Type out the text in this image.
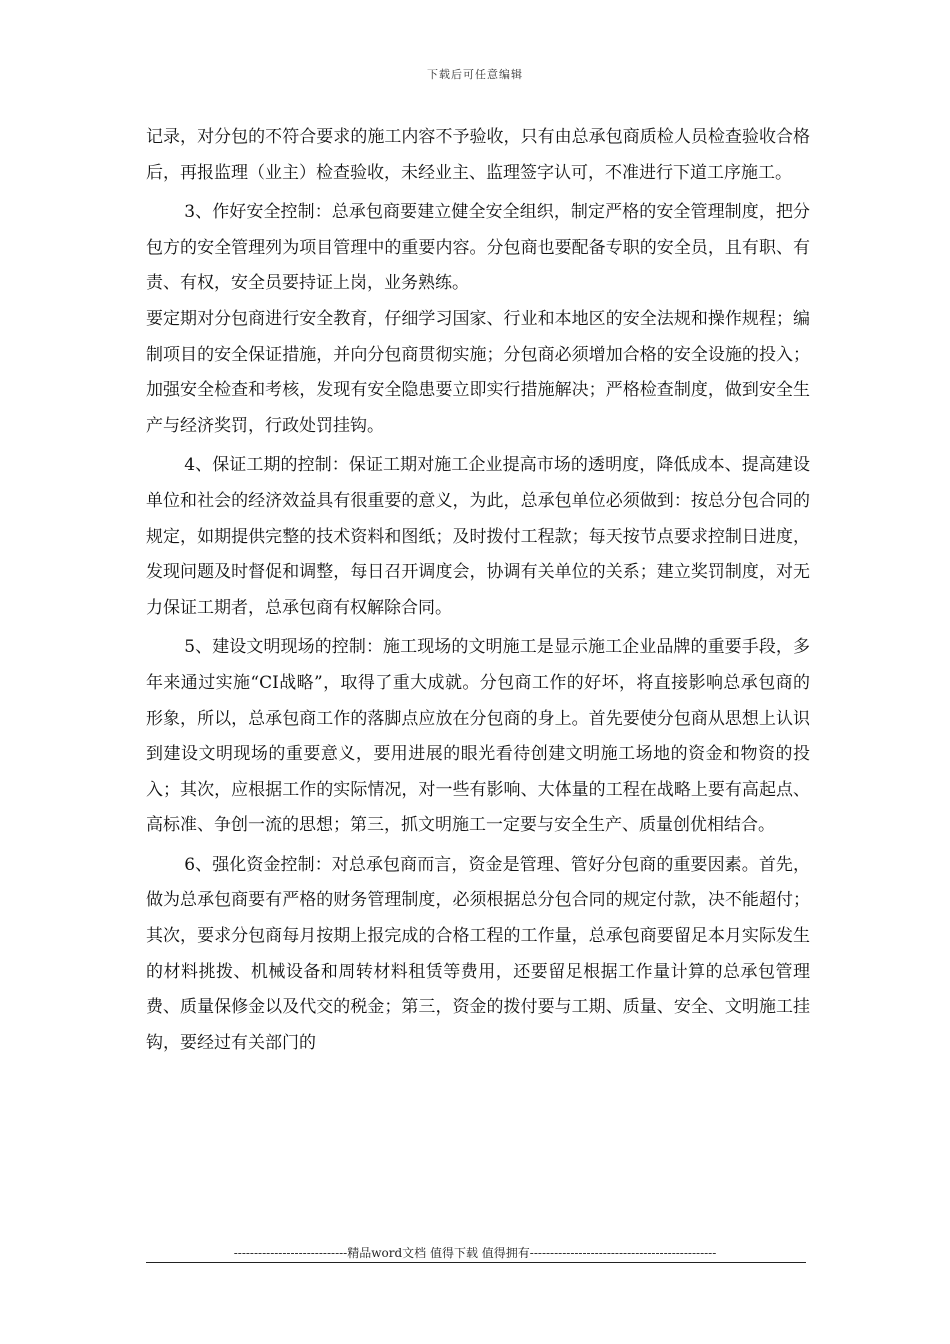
下载后可任意编辑

记录，对分包的不符合要求的施工内容不予验收，只有由总承包商质检人员检查验收合格后，再报监理（业主）检查验收，未经业主、监理签字认可，不准进行下道工序施工。

3、作好安全控制：总承包商要建立健全安全组织，制定严格的安全管理制度，把分包方的安全管理列为项目管理中的重要内容。分包商也要配备专职的安全员，且有职、有责、有权，安全员要持证上岗，业务熟练。

要定期对分包商进行安全教育，仔细学习国家、行业和本地区的安全法规和操作规程；编制项目的安全保证措施，并向分包商贯彻实施；分包商必须增加合格的安全设施的投入；加强安全检查和考核，发现有安全隐患要立即实行措施解决；严格检查制度，做到安全生产与经济奖罚，行政处罚挂钩。

4、保证工期的控制：保证工期对施工企业提高市场的透明度，降低成本、提高建设单位和社会的经济效益具有很重要的意义，为此，总承包单位必须做到：按总分包合同的规定，如期提供完整的技术资料和图纸；及时拨付工程款；每天按节点要求控制日进度，发现问题及时督促和调整，每日召开调度会，协调有关单位的关系；建立奖罚制度，对无力保证工期者，总承包商有权解除合同。

5、建设文明现场的控制：施工现场的文明施工是显示施工企业品牌的重要手段，多年来通过实施“CI战略”，取得了重大成就。分包商工作的好坏，将直接影响总承包商的形象，所以，总承包商工作的落脚点应放在分包商的身上。首先要使分包商从思想上认识到建设文明现场的重要意义，要用进展的眼光看待创建文明施工场地的资金和物资的投入；其次，应根据工作的实际情况，对一些有影响、大体量的工程在战略上要有高起点、高标准、争创一流的思想；第三，抓文明施工一定要与安全生产、质量创优相结合。

6、强化资金控制：对总承包商而言，资金是管理、管好分包商的重要因素。首先，做为总承包商要有严格的财务管理制度，必须根据总分包合同的规定付款，决不能超付；其次，要求分包商每月按期上报完成的合格工程的工作量，总承包商要留足本月实际发生的材料挑拨、机械设备和周转材料租赁等费用，还要留足根据工作量计算的总承包管理费、质量保修金以及代交的税金；第三，资金的拨付要与工期、质量、安全、文明施工挂钩，要经过有关部门的

----------------------------精品word文档 值得下载 值得拥有----------------------------------------------
